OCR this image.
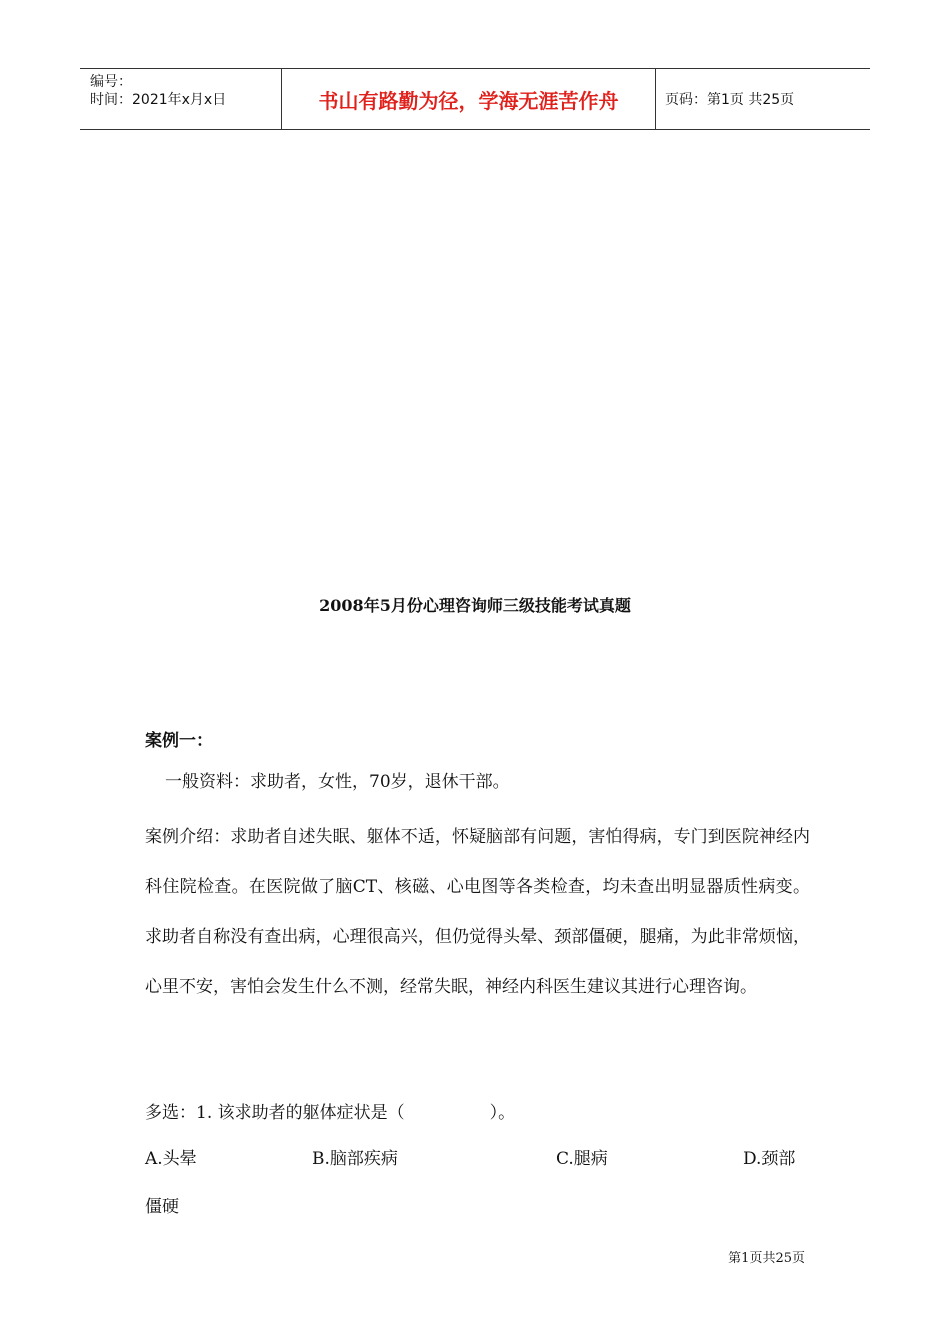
编号：
时间：2021年x月x日	书山有路勤为径，学海无涯苦作舟	页码：第1页 共25页
2008年5月份心理咨询师三级技能考试真题
案例一：
一般资料：求助者，女性，70岁，退休干部。
案例介绍：求助者自述失眠、躯体不适，怀疑脑部有问题，害怕得病，专门到医院神经内科住院检查。在医院做了脑CT、核磁、心电图等各类检查，均未查出明显器质性病变。求助者自称没有查出病，心理很高兴，但仍觉得头晕、颈部僵硬，腿痛，为此非常烦恼，心里不安，害怕会发生什么不测，经常失眠，神经内科医生建议其进行心理咨询。
多选：1. 该求助者的躯体症状是（　　　　　）。
A.头晕	B.脑部疾病	C.腿病	D.颈部
僵硬
第1页共25页
